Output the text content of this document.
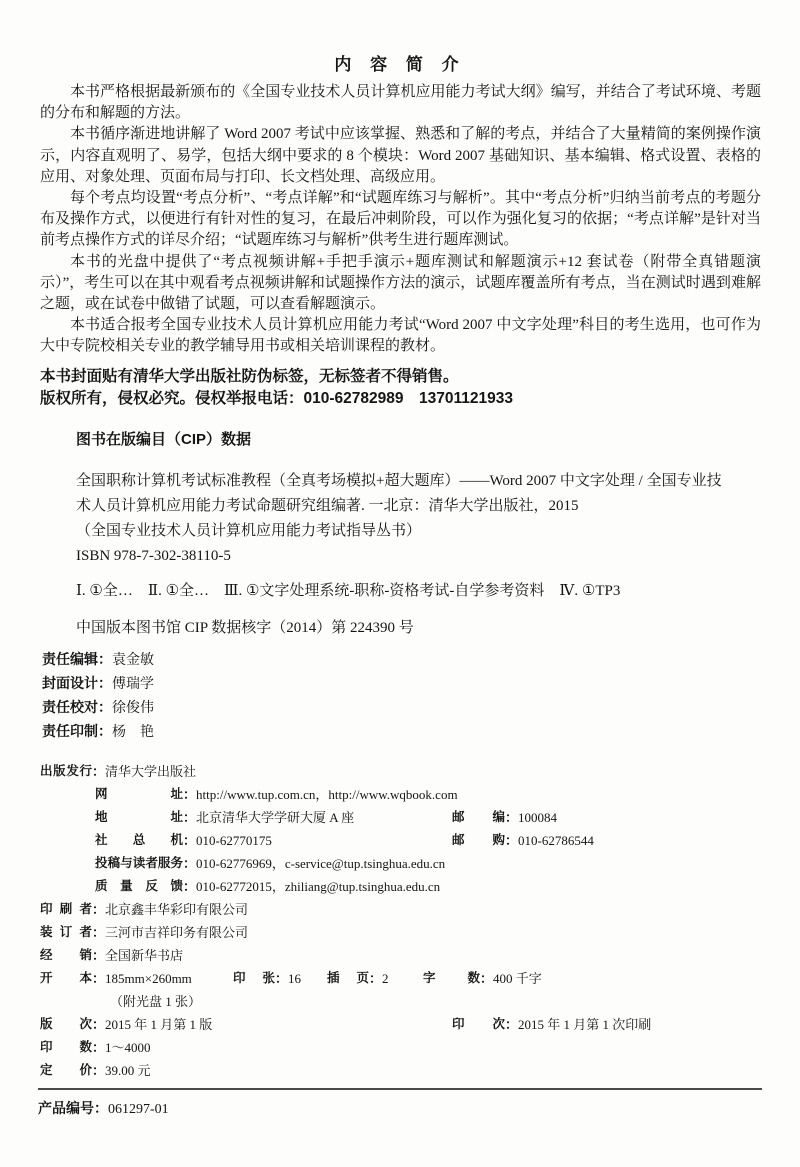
内 容 简 介

本书严格根据最新颁布的《全国专业技术人员计算机应用能力考试大纲》编写，并结合了考试环境、考题的分布和解题的方法。

本书循序渐进地讲解了 Word 2007 考试中应该掌握、熟悉和了解的考点，并结合了大量精简的案例操作演示，内容直观明了、易学，包括大纲中要求的 8 个模块：Word 2007 基础知识、基本编辑、格式设置、表格的应用、对象处理、页面布局与打印、长文档处理、高级应用。

每个考点均设置“考点分析”、“考点详解”和“试题库练习与解析”。其中“考点分析”归纳当前考点的考题分布及操作方式，以便进行有针对性的复习，在最后冲刺阶段，可以作为强化复习的依据；“考点详解”是针对当前考点操作方式的详尽介绍；“试题库练习与解析”供考生进行题库测试。

本书的光盘中提供了“考点视频讲解+手把手演示+题库测试和解题演示+12 套试卷（附带全真错题演示）”，考生可以在其中观看考点视频讲解和试题操作方法的演示，试题库覆盖所有考点，当在测试时遇到难解之题，或在试卷中做错了试题，可以查看解题演示。

本书适合报考全国专业技术人员计算机应用能力考试“Word 2007 中文字处理”科目的考生选用，也可作为大中专院校相关专业的教学辅导用书或相关培训课程的教材。

本书封面贴有清华大学出版社防伪标签，无标签者不得销售。

版权所有，侵权必究。侵权举报电话：010-62782989　13701121933

图书在版编目（CIP）数据

全国职称计算机考试标准教程（全真考场模拟+超大题库）——Word 2007 中文字处理 / 全国专业技

术人员计算机应用能力考试命题研究组编著. 一北京：清华大学出版社，2015

（全国专业技术人员计算机应用能力考试指导丛书）

ISBN 978-7-302-38110-5

Ⅰ. ①全…　Ⅱ. ①全…　Ⅲ. ①文字处理系统-职称-资格考试-自学参考资料　Ⅳ. ①TP3

中国版本图书馆 CIP 数据核字（2014）第 224390 号

责任编辑：袁金敏
封面设计：傅瑞学
责任校对：徐俊伟
责任印制：杨　艳
出版发行：清华大学出版社
网址：http://www.tup.com.cn，http://www.wqbook.com
地址：北京清华大学学研大厦 A 座	邮编：100084
社总机：010-62770175	邮购：010-62786544
投稿与读者服务：010-62776969，c-service@tup.tsinghua.edu.cn
质量反馈：010-62772015，zhiliang@tup.tsinghua.edu.cn
印刷者：北京鑫丰华彩印有限公司
装订者：三河市吉祥印务有限公司
经销：全国新华书店
开本：185mm×260mm	印张：16 插页：2	字数：400 千字
（附光盘 1 张）
版次：2015 年 1 月第 1 版	印次：2015 年 1 月第 1 次印刷
印数：1～4000
定价：39.00 元
产品编号：061297-01
